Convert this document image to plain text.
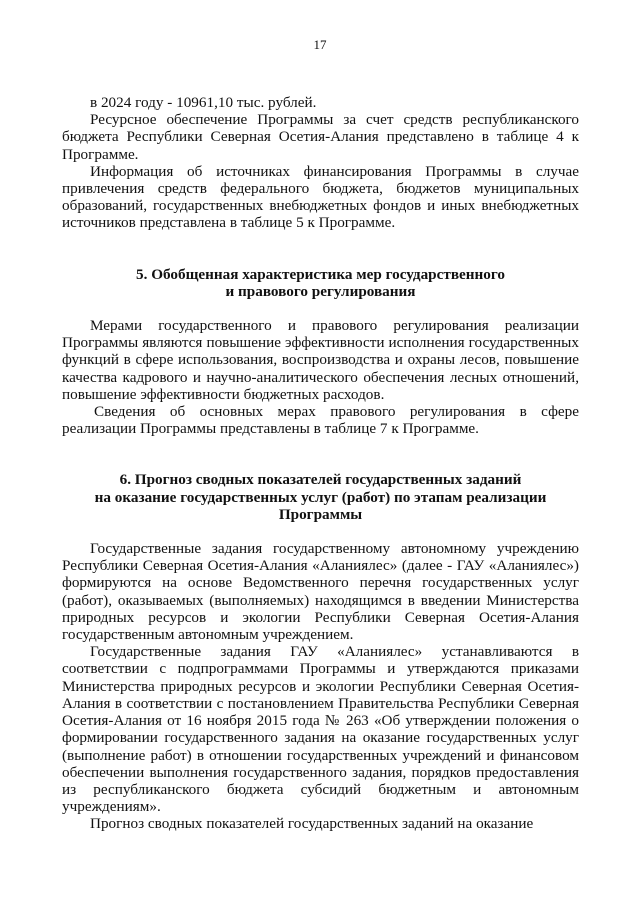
17

в 2024 году - 10961,10 тыс. рублей.

Ресурсное обеспечение Программы за счет средств республиканского бюджета Республики Северная Осетия-Алания представлено в таблице 4 к Программе.

Информация об источниках финансирования Программы в случае привлечения средств федерального бюджета, бюджетов муниципальных образований, государственных внебюджетных фондов и иных внебюджетных источников представлена в таблице 5 к Программе.

5. Обобщенная характеристика мер государственного
и правового регулирования

Мерами государственного и правового регулирования реализации Программы являются повышение эффективности исполнения государственных функций в сфере использования, воспроизводства и охраны лесов, повышение качества кадрового и научно-аналитического обеспечения лесных отношений, повышение эффективности бюджетных расходов.

Сведения об основных мерах правового регулирования в сфере реализации Программы представлены в таблице 7 к Программе.

6. Прогноз сводных показателей государственных заданий
на оказание государственных услуг (работ) по этапам реализации
Программы

Государственные задания государственному автономному учреждению Республики Северная Осетия-Алания «Аланиялес» (далее - ГАУ «Аланиялес») формируются на основе Ведомственного перечня государственных услуг (работ), оказываемых (выполняемых) находящимся в введении Министерства природных ресурсов и экологии Республики Северная Осетия-Алания государственным автономным учреждением.

Государственные задания ГАУ «Аланиялес» устанавливаются в соответствии с подпрограммами Программы и утверждаются приказами Министерства природных ресурсов и экологии Республики Северная Осетия-Алания в соответствии с постановлением Правительства Республики Северная Осетия-Алания от 16 ноября 2015 года № 263 «Об утверждении положения о формировании государственного задания на оказание государственных услуг (выполнение работ) в отношении государственных учреждений и финансовом обеспечении выполнения государственного задания, порядков предоставления из республиканского бюджета субсидий бюджетным и автономным учреждениям».

Прогноз сводных показателей государственных заданий на оказание
